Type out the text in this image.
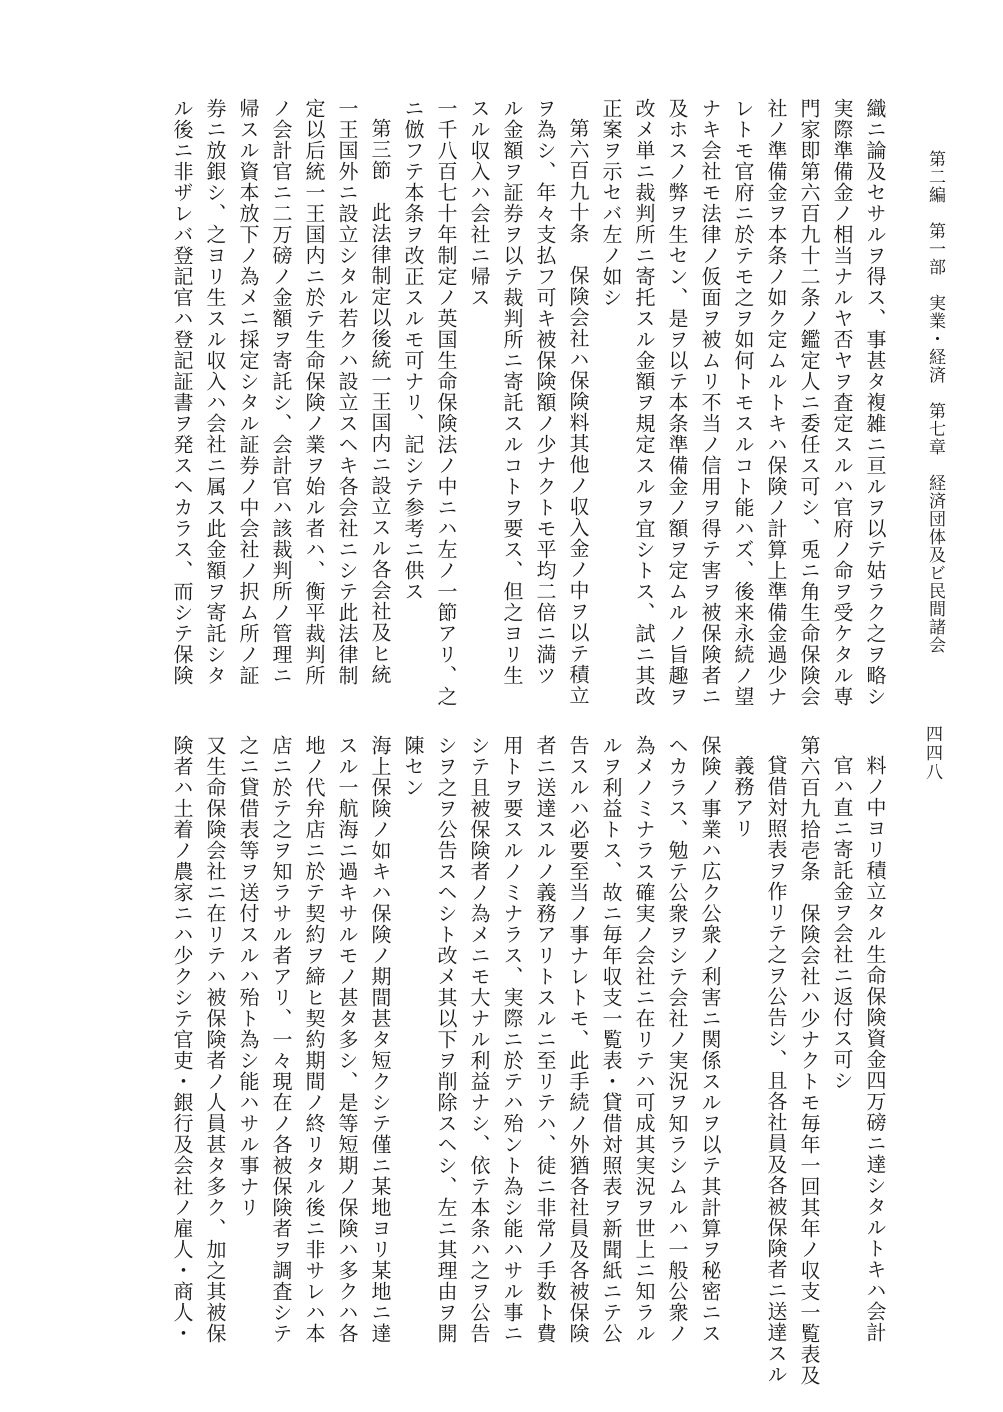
第二編　第一部　実業・経済　第七章　経済団体及ビ民間諸会
四四八
織ニ論及セサルヲ得ス、事甚タ複雑ニ亘ルヲ以テ姑ラク之ヲ略シ
実際準備金ノ相当ナルヤ否ヤヲ査定スルハ官府ノ命ヲ受ケタル専
門家即第六百九十二条ノ鑑定人ニ委任ス可シ、兎ニ角生命保険会
社ノ準備金ヲ本条ノ如ク定ムルトキハ保険ノ計算上準備金過少ナ
レトモ官府ニ於テモ之ヲ如何トモスルコト能ハズ、後来永続ノ望
ナキ会社モ法律ノ仮面ヲ被ムリ不当ノ信用ヲ得テ害ヲ被保険者ニ
及ホスノ弊ヲ生セン、是ヲ以テ本条準備金ノ額ヲ定ムルノ旨趣ヲ
改メ単ニ裁判所ニ寄托スル金額ヲ規定スルヲ宜シトス、試ニ其改
正案ヲ示セバ左ノ如シ
第六百九十条　保険会社ハ保険料其他ノ収入金ノ中ヲ以テ積立
ヲ為シ、年々支払フ可キ被保険額ノ少ナクトモ平均二倍ニ満ツ
ル金額ヲ証券ヲ以テ裁判所ニ寄託スルコトヲ要ス、但之ヨリ生
スル収入ハ会社ニ帰ス
一千八百七十年制定ノ英国生命保険法ノ中ニハ左ノ一節アリ、之
ニ倣フテ本条ヲ改正スルモ可ナリ、記シテ参考ニ供ス
第三節　此法律制定以後統一王国内ニ設立スル各会社及ヒ統
一王国外ニ設立シタル若クハ設立スヘキ各会社ニシテ此法律制
定以后統一王国内ニ於テ生命保険ノ業ヲ始ル者ハ、衡平裁判所
ノ会計官ニ二万磅ノ金額ヲ寄託シ、会計官ハ該裁判所ノ管理ニ
帰スル資本放下ノ為メニ採定シタル証券ノ中会社ノ択ム所ノ証
券ニ放銀シ、之ヨリ生スル収入ハ会社ニ属ス此金額ヲ寄託シタ
ル後ニ非ザレバ登記官ハ登記証書ヲ発スヘカラス、而シテ保険
料ノ中ヨリ積立タル生命保険資金四万磅ニ達シタルトキハ会計
官ハ直ニ寄託金ヲ会社ニ返付ス可シ
第六百九拾壱条　保険会社ハ少ナクトモ毎年一回其年ノ収支一覧表及
貸借対照表ヲ作リテ之ヲ公告シ、且各社員及各被保険者ニ送達スル
義務アリ
保険ノ事業ハ広ク公衆ノ利害ニ関係スルヲ以テ其計算ヲ秘密ニス
ヘカラス、勉テ公衆ヲシテ会社ノ実況ヲ知ラシムルハ一般公衆ノ
為メノミナラス確実ノ会社ニ在リテハ可成其実況ヲ世上ニ知ラル
ルヲ利益トス、故ニ毎年収支一覧表・貸借対照表ヲ新聞紙ニテ公
告スルハ必要至当ノ事ナレトモ、此手続ノ外猶各社員及各被保険
者ニ送達スルノ義務アリトスルニ至リテハ、徒ニ非常ノ手数ト費
用トヲ要スルノミナラス、実際ニ於テハ殆ント為シ能ハサル事ニ
シテ且被保険者ノ為メニモ大ナル利益ナシ、依テ本条ハ之ヲ公告
シヲ之ヲ公告スヘシト改メ其以下ヲ削除スヘシ、左ニ其理由ヲ開
陳セン
海上保険ノ如キハ保険ノ期間甚タ短クシテ僅ニ某地ヨリ某地ニ達
スル一航海ニ過キサルモノ甚タ多シ、是等短期ノ保険ハ多クハ各
地ノ代弁店ニ於テ契約ヲ締ヒ契約期間ノ終リタル後ニ非サレハ本
店ニ於テ之ヲ知ラサル者アリ、一々現在ノ各被保険者ヲ調査シテ
之ニ貸借表等ヲ送付スルハ殆ト為シ能ハサル事ナリ
又生命保険会社ニ在リテハ被保険者ノ人員甚タ多ク、加之其被保
険者ハ土着ノ農家ニハ少クシテ官吏・銀行及会社ノ雇人・商人・
